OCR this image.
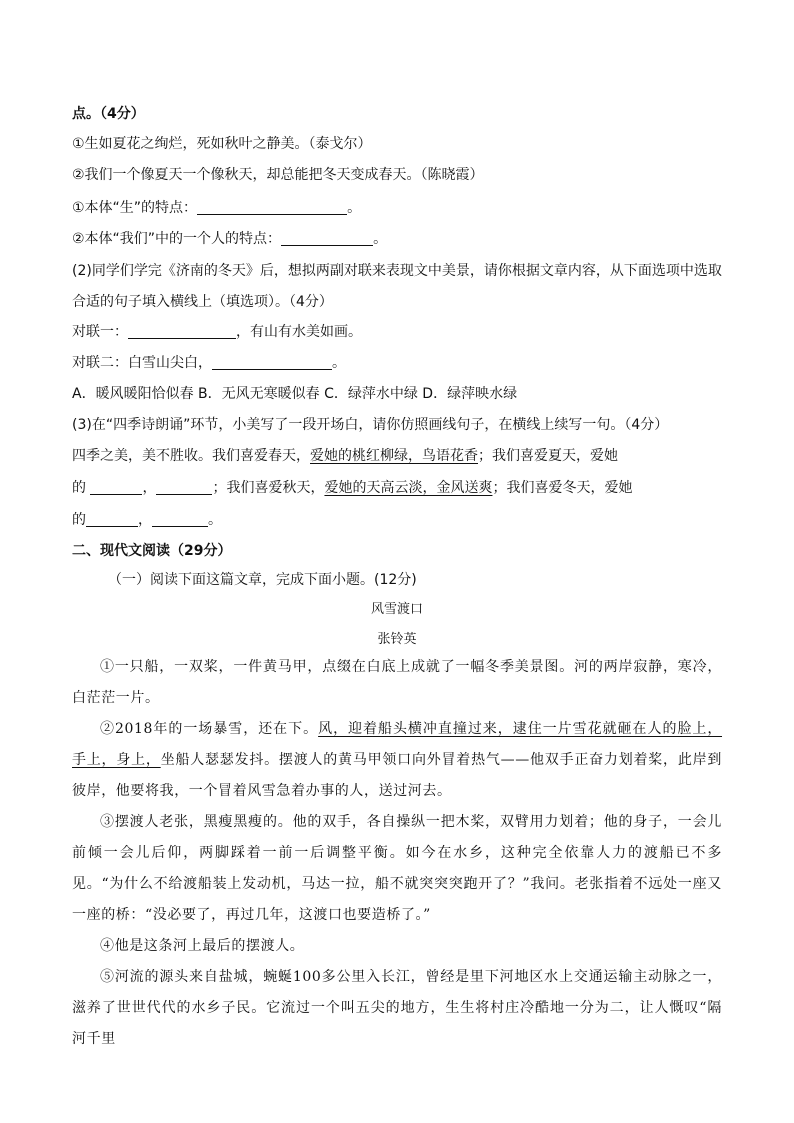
点。（4分）
①生如夏花之绚烂，死如秋叶之静美。（泰戈尔）
②我们一个像夏天一个像秋天，却总能把冬天变成春天。（陈晓霞）
①本体“生”的特点：	。
②本体“我们”中的一个人的特点：	。
(2)同学们学完《济南的冬天》后，想拟两副对联来表现文中美景，请你根据文章内容，从下面选项中选取
合适的句子填入横线上（填选项）。（4分）
对联一：	，有山有水美如画。
对联二：白雪山尖白，	。
A．暖风暖阳恰似春 B．无风无寒暖似春 C．绿萍水中绿 D．绿萍映水绿
(3)在“四季诗朗诵”环节，小美写了一段开场白，请你仿照画线句子，在横线上续写一句。（4分）
四季之美，美不胜收。我们喜爱春天，爱她的桃红柳绿，鸟语花香；我们喜爱夏天，爱她
的	，	；我们喜爱秋天，爱她的天高云淡，金风送爽；我们喜爱冬天，爱她
的	，	。
二、现代文阅读（29分）
（一）阅读下面这篇文章，完成下面小题。(12分)
风雪渡口
张铃英
①一只船，一双桨，一件黄马甲，点缀在白底上成就了一幅冬季美景图。河的两岸寂静，寒冷，白茫茫一片。
②2018年的一场暴雪，还在下。风，迎着船头横冲直撞过来，逮住一片雪花就砸在人的脸上，手上，身上，坐船人瑟瑟发抖。摆渡人的黄马甲领口向外冒着热气——他双手正奋力划着桨，此岸到彼岸，他要将我，一个冒着风雪急着办事的人，送过河去。
③摆渡人老张，黑瘦黑瘦的。他的双手，各自操纵一把木桨，双臂用力划着；他的身子，一会儿前倾一会儿后仰，两脚踩着一前一后调整平衡。如今在水乡，这种完全依靠人力的渡船已不多见。“为什么不给渡船装上发动机，马达一拉，船不就突突突跑开了？”我问。老张指着不远处一座又一座的桥：“没必要了，再过几年，这渡口也要造桥了。”
④他是这条河上最后的摆渡人。
⑤河流的源头来自盐城，蜿蜒100多公里入长江，曾经是里下河地区水上交通运输主动脉之一，滋养了世世代代的水乡子民。它流过一个叫五尖的地方，生生将村庄冷酷地一分为二，让人慨叹“隔河千里
